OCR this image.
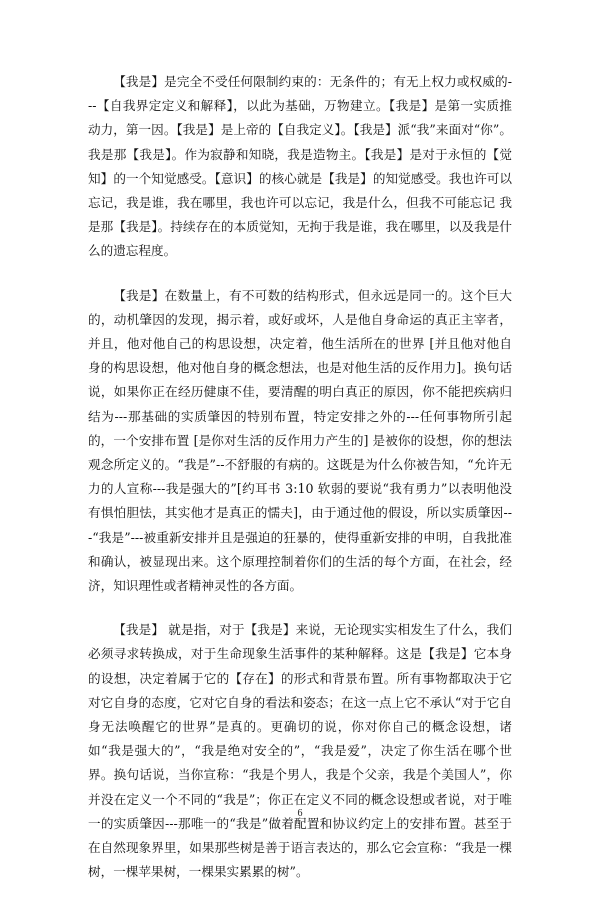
【我是】是完全不受任何限制约束的：无条件的；有无上权力或权威的---【自我界定定义和解释】，以此为基础，万物建立。【我是】是第一实质推动力，第一因。【我是】是上帝的【自我定义】。【我是】派“我”来面对“你”。我是那【我是】。作为寂静和知晓，我是造物主。【我是】是对于永恒的【觉知】的一个知觉感受。【意识】的核心就是【我是】的知觉感受。我也许可以忘记，我是谁，我在哪里，我也许可以忘记，我是什么，但我不可能忘记 我是那【我是】。持续存在的本质觉知，无拘于我是谁，我在哪里，以及我是什么的遗忘程度。

【我是】在数量上，有不可数的结构形式，但永远是同一的。这个巨大的，动机肇因的发现，揭示着，或好或坏，人是他自身命运的真正主宰者，并且，他对他自己的构思设想，决定着，他生活所在的世界 [并且他对他自身的构思设想，他对他自身的概念想法，也是对他生活的反作用力]。换句话说，如果你正在经历健康不佳，要清醒的明白真正的原因，你不能把疾病归结为---那基础的实质肇因的特别布置，特定安排之外的---任何事物所引起的，一个安排布置 [是你对生活的反作用力产生的] 是被你的设想，你的想法观念所定义的。“我是”--不舒服的有病的。这既是为什么你被告知，“允许无力的人宣称---我是强大的”[约耳书 3:10 软弱的要说“我有勇力”以表明他没有惧怕胆怯，其实他才是真正的懦夫]，由于通过他的假设，所以实质肇因---“我是”---被重新安排并且是强迫的狂暴的，使得重新安排的申明，自我批准和确认，被显现出来。这个原理控制着你们的生活的每个方面，在社会，经济，知识理性或者精神灵性的各方面。

【我是】 就是指，对于【我是】来说，无论现实实相发生了什么，我们必须寻求转换成，对于生命现象生活事件的某种解释。这是【我是】它本身的设想，决定着属于它的【存在】的形式和背景布置。所有事物都取决于它对它自身的态度，它对它自身的看法和姿态；在这一点上它不承认“对于它自身无法唤醒它的世界”是真的。更确切的说，你对你自己的概念设想，诸如“我是强大的”，“我是绝对安全的”，“我是爱”，决定了你生活在哪个世界。换句话说，当你宣称：“我是个男人，我是个父亲，我是个美国人”，你并没在定义一个不同的“我是”；你正在定义不同的概念设想或者说，对于唯一的实质肇因---那唯一的“我是”做着配置和协议约定上的安排布置。甚至于在自然现象界里，如果那些树是善于语言表达的，那么它会宣称：“我是一棵树，一棵苹果树，一棵果实累累的树”。

6
